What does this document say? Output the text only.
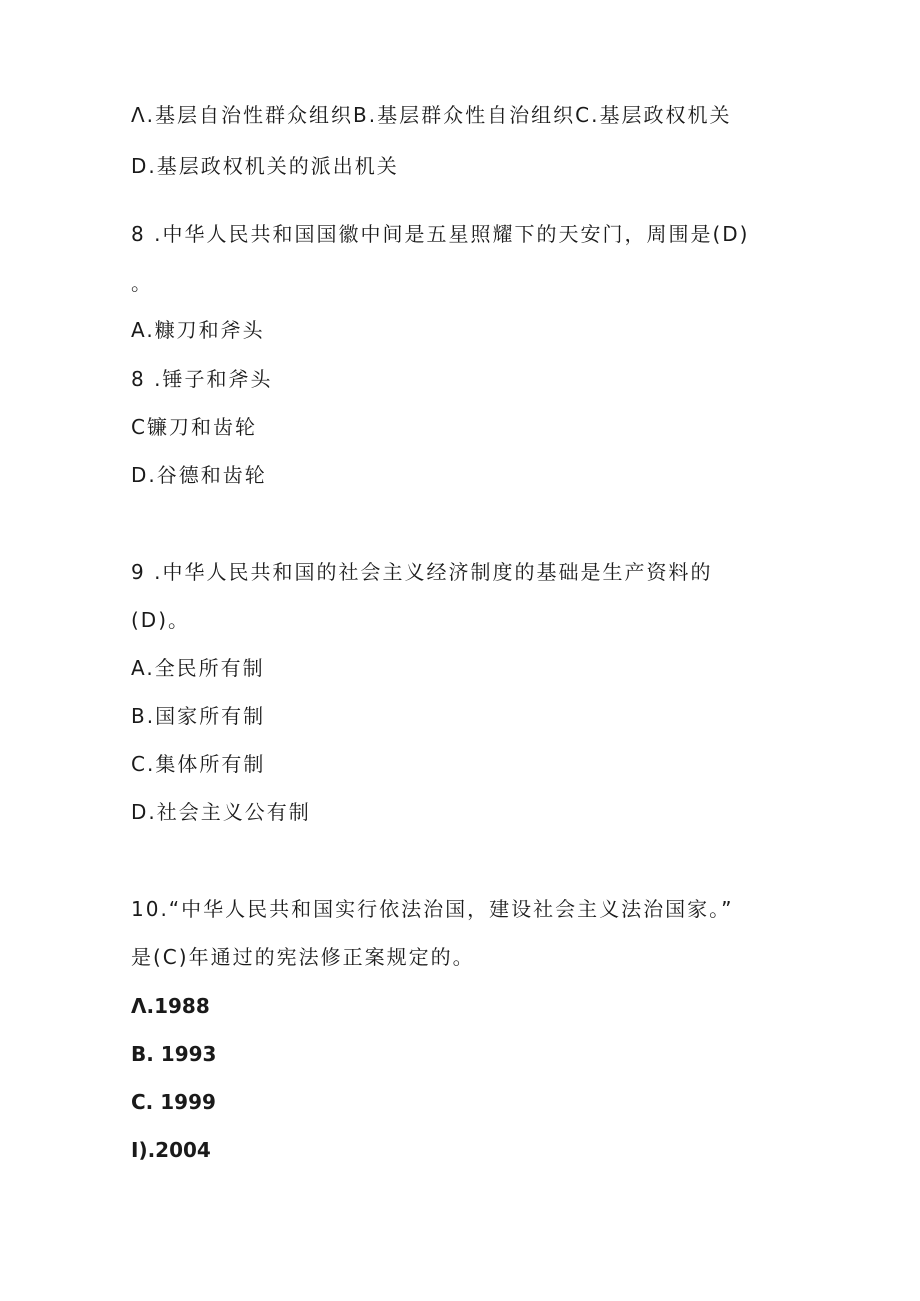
Λ.基层自治性群众组织B.基层群众性自治组织C.基层政权机关
D.基层政权机关的派出机关
8 .中华人民共和国国徽中间是五星照耀下的天安门，周围是(D)
。
A.糠刀和斧头
8 .锤子和斧头
C镰刀和齿轮
D.谷德和齿轮
9 .中华人民共和国的社会主义经济制度的基础是生产资料的
(D)。
A.全民所有制
B.国家所有制
C.集体所有制
D.社会主义公有制
10.“中华人民共和国实行依法治国，建设社会主义法治国家。”
是(C)年通过的宪法修正案规定的。
Λ.1988
B. 1993
C. 1999
I).2004
